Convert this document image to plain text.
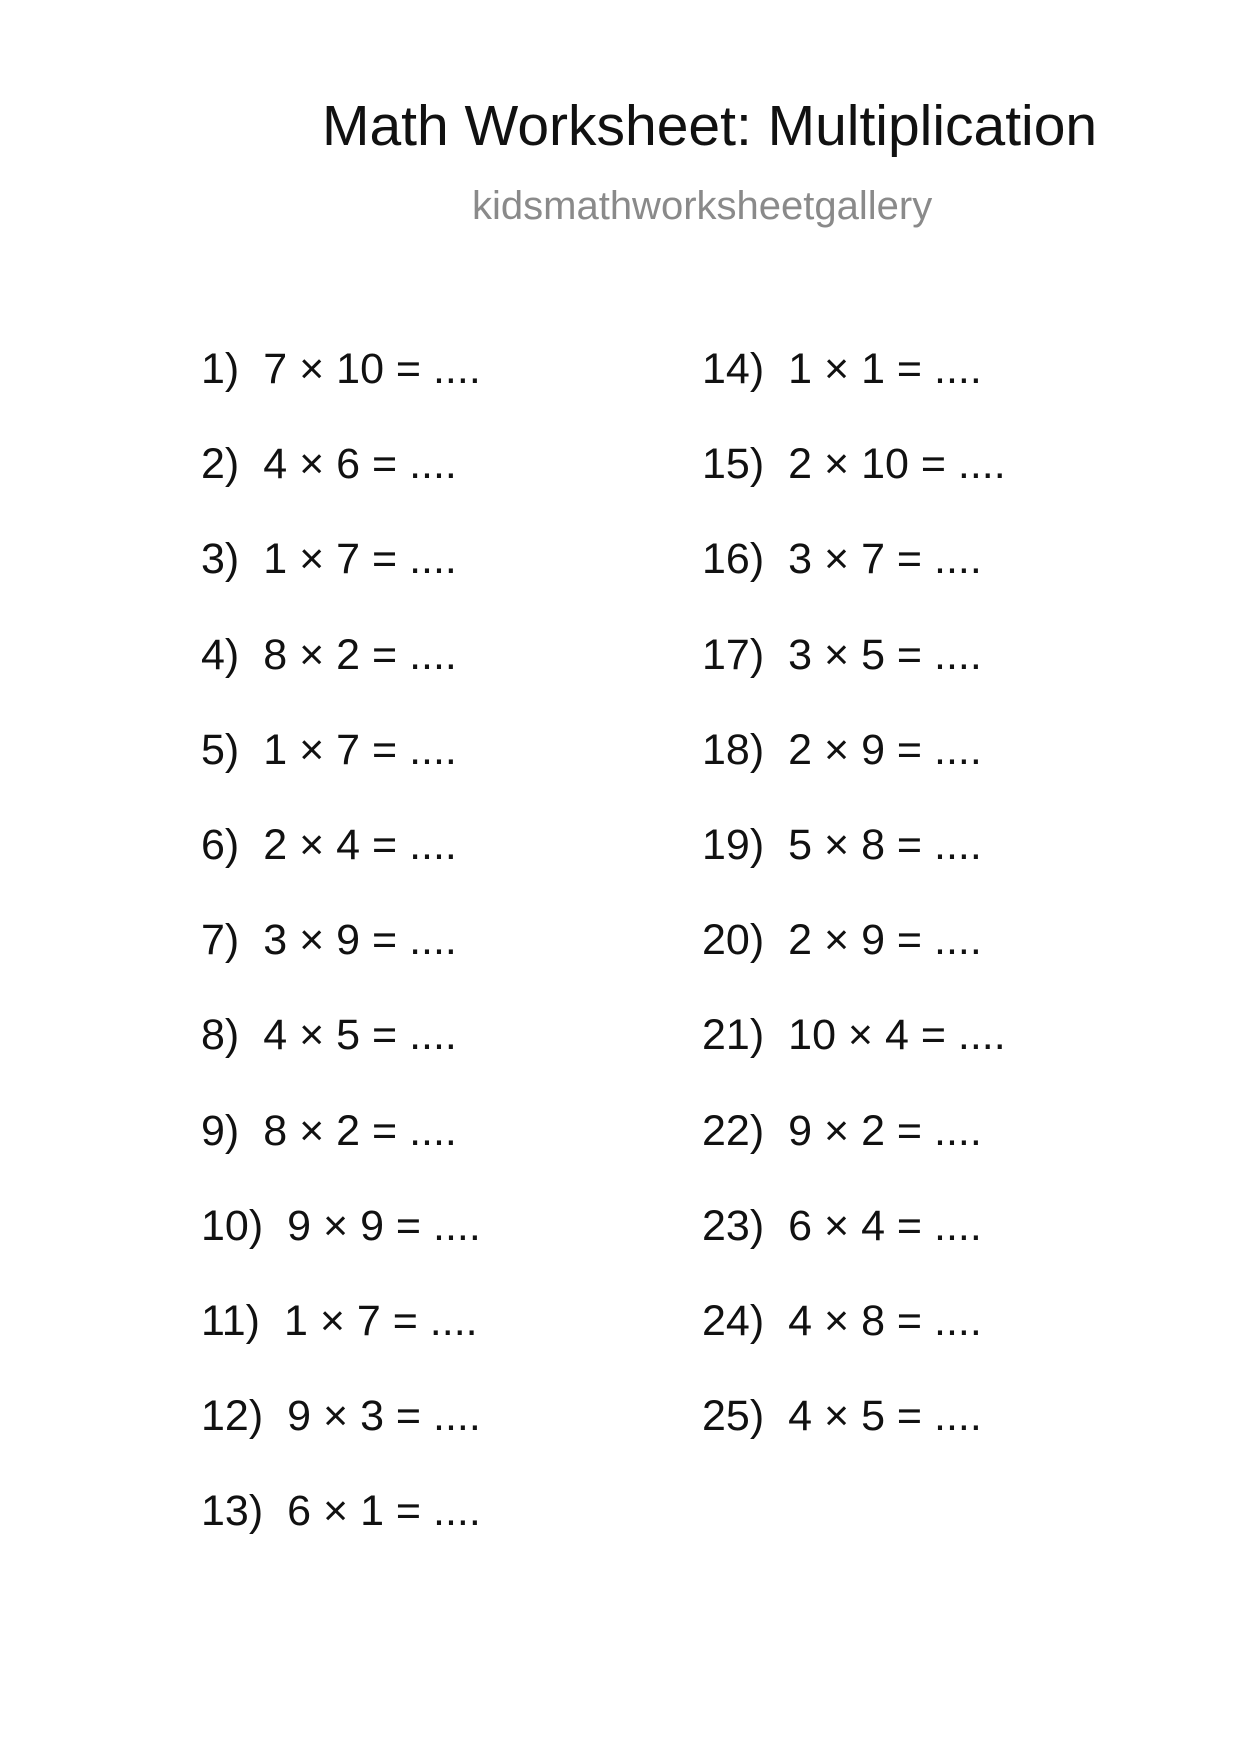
Math Worksheet: Multiplication
kidsmathworksheetgallery
1) 7 × 10 = ....
2) 4 × 6 = ....
3) 1 × 7 = ....
4) 8 × 2 = ....
5) 1 × 7 = ....
6) 2 × 4 = ....
7) 3 × 9 = ....
8) 4 × 5 = ....
9) 8 × 2 = ....
10) 9 × 9 = ....
11) 1 × 7 = ....
12) 9 × 3 = ....
13) 6 × 1 = ....
14) 1 × 1 = ....
15) 2 × 10 = ....
16) 3 × 7 = ....
17) 3 × 5 = ....
18) 2 × 9 = ....
19) 5 × 8 = ....
20) 2 × 9 = ....
21) 10 × 4 = ....
22) 9 × 2 = ....
23) 6 × 4 = ....
24) 4 × 8 = ....
25) 4 × 5 = ....
